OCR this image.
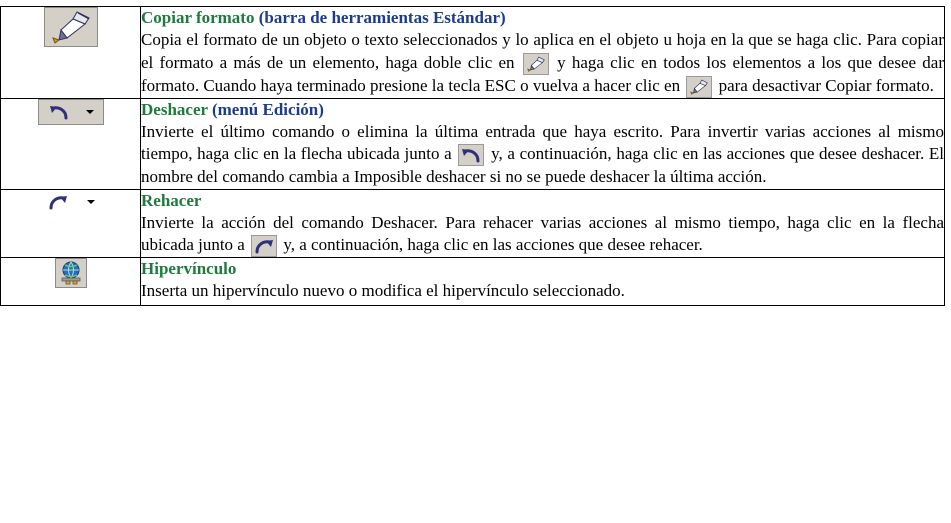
Copiar formato (barra de herramientas Estándar)
Copia el formato de un objeto o texto seleccionados y lo aplica en el objeto u hoja en la que se haga clic. Para copiar el formato a más de un elemento, haga doble clic en y haga clic en todos los elementos a los que desee dar formato. Cuando haya terminado presione la tecla ESC o vuelva a hacer clic en para desactivar Copiar formato.

Deshacer (menú Edición)
Invierte el último comando o elimina la última entrada que haya escrito. Para invertir varias acciones al mismo tiempo, haga clic en la flecha ubicada junto a y, a continuación, haga clic en las acciones que desee deshacer. El nombre del comando cambia a Imposible deshacer si no se puede deshacer la última acción.

Rehacer
Invierte la acción del comando Deshacer. Para rehacer varias acciones al mismo tiempo, haga clic en la flecha ubicada junto a y, a continuación, haga clic en las acciones que desee rehacer.

Hipervínculo
Inserta un hipervínculo nuevo o modifica el hipervínculo seleccionado.
